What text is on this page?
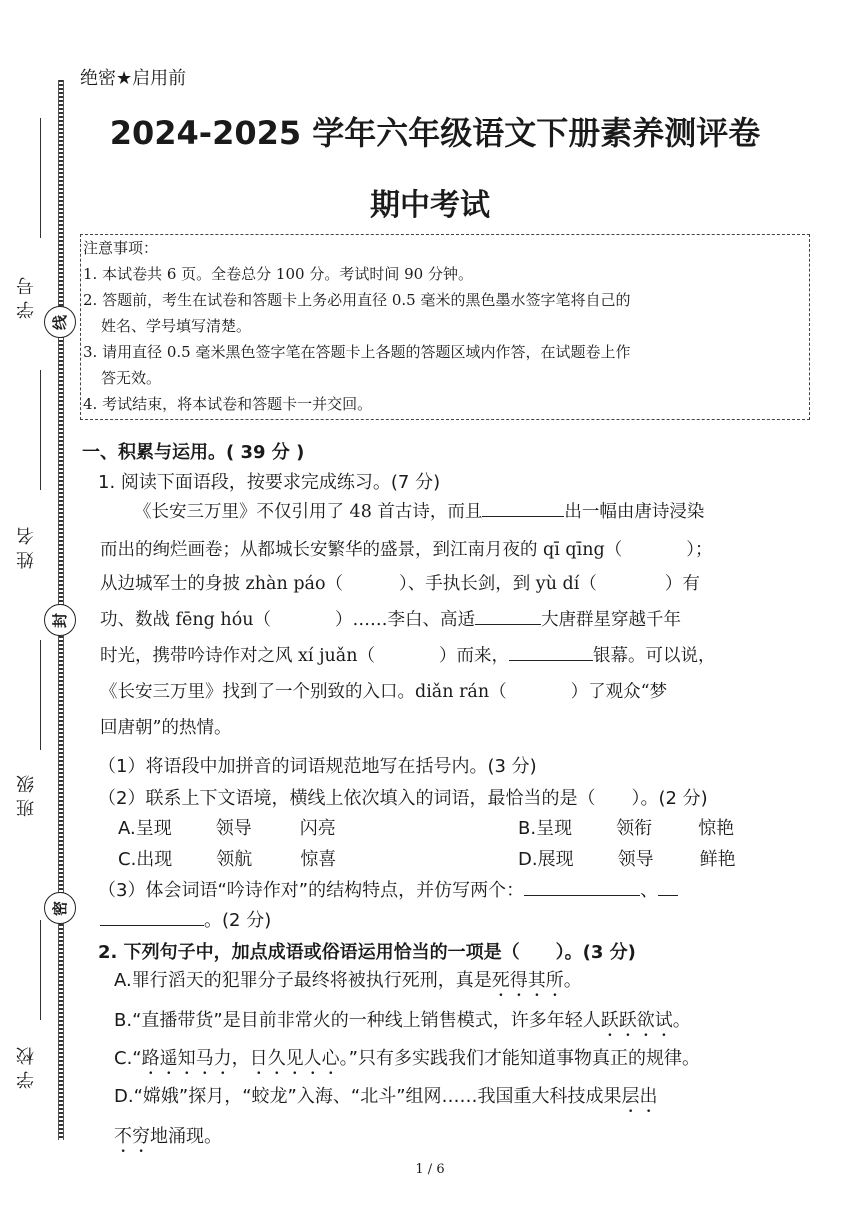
学号
线
姓名
封
班级
密
学校
绝密★启用前
2024-2025 学年六年级语文下册素养测评卷
期中考试
注意事项：
1. 本试卷共 6 页。全卷总分 100 分。考试时间 90 分钟。
2. 答题前，考生在试卷和答题卡上务必用直径 0.5 毫米的黑色墨水签字笔将自己的
姓名、学号填写清楚。
3. 请用直径 0.5 毫米黑色签字笔在答题卡上各题的答题区域内作答，在试题卷上作
答无效。
4. 考试结束，将本试卷和答题卡一并交回。
一、积累与运用。( 39 分 )
1. 阅读下面语段，按要求完成练习。(7 分)
《长安三万里》不仅引用了 48 首古诗，而且	出一幅由唐诗浸染
而出的绚烂画卷；从都城长安繁华的盛景，到江南月夜的 qī qīng（	）；
从边城军士的身披 zhàn páo（	）、手执长剑，到 yù dí（	）有
功、数战 fēng hóu（	）……李白、高适	大唐群星穿越千年
时光，携带吟诗作对之风 xí juǎn（	）而来，	银幕。可以说，
《长安三万里》找到了一个别致的入口。diǎn rán（	）了观众“梦
回唐朝”的热情。
（1）将语段中加拼音的词语规范地写在括号内。(3 分)
（2）联系上下文语境，横线上依次填入的词语，最恰当的是（　　）。(2 分)
A.呈现 领导	闪亮	B.呈现 领衔	惊艳
C.出现 领航	惊喜	D.展现 领导	鲜艳
（3）体会词语“吟诗作对”的结构特点，并仿写两个：	、
。(2 分)
2. 下列句子中，加点成语或俗语运用恰当的一项是（　　）。(3 分)
A.罪行滔天的犯罪分子最终将被执行死刑，真是死得其所。
B.“直播带货”是目前非常火的一种线上销售模式，许多年轻人跃跃欲试。
C.“路遥知马力，日久见人心。”只有多实践我们才能知道事物真正的规律。
D.“嫦娥”探月，“蛟龙”入海、“北斗”组网……我国重大科技成果层出
不穷地涌现。
1 / 6
